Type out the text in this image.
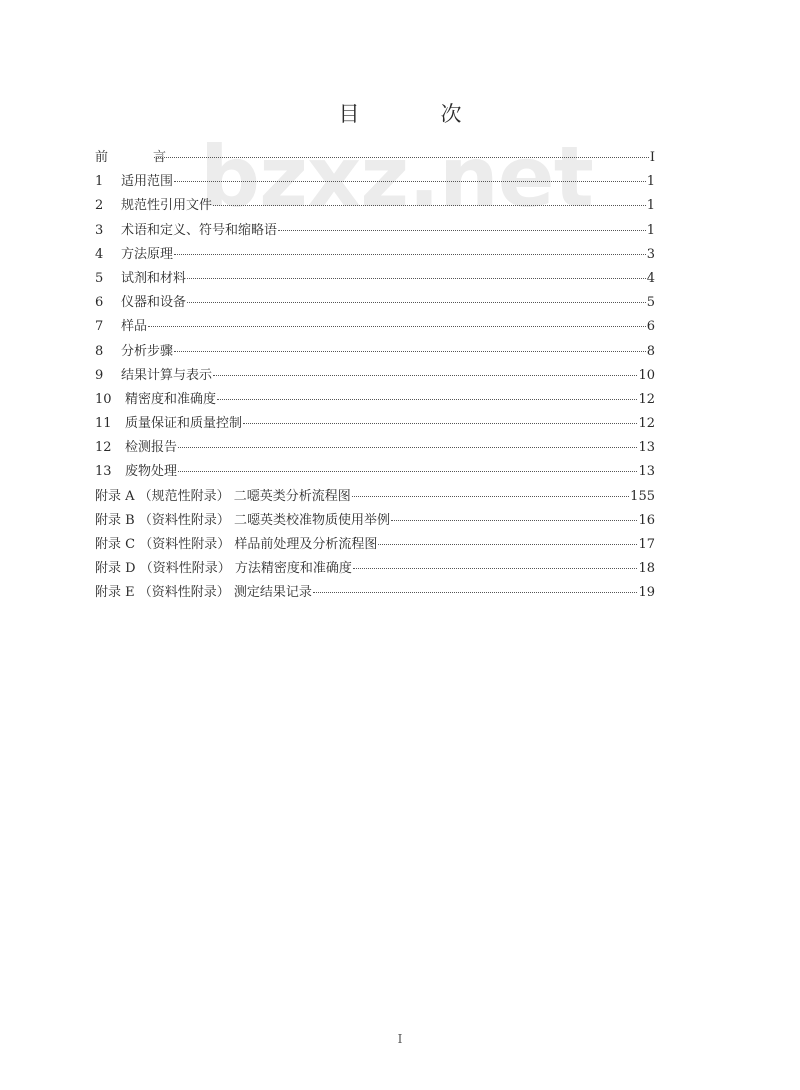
bzxz.net
目　次
前　言	I
1	适用范围	1
2	规范性引用文件	1
3	术语和定义、符号和缩略语	1
4	方法原理	3
5	试剂和材料	4
6	仪器和设备	5
7	样品	6
8	分析步骤	8
9	结果计算与表示	10
10	精密度和准确度	12
11	质量保证和质量控制	12
12	检测报告	13
13	废物处理	13
附录 A （规范性附录） 二噁英类分析流程图	155
附录 B （资料性附录） 二噁英类校准物质使用举例	16
附录 C （资料性附录） 样品前处理及分析流程图	17
附录 D （资料性附录） 方法精密度和准确度	18
附录 E （资料性附录） 测定结果记录	19
I
